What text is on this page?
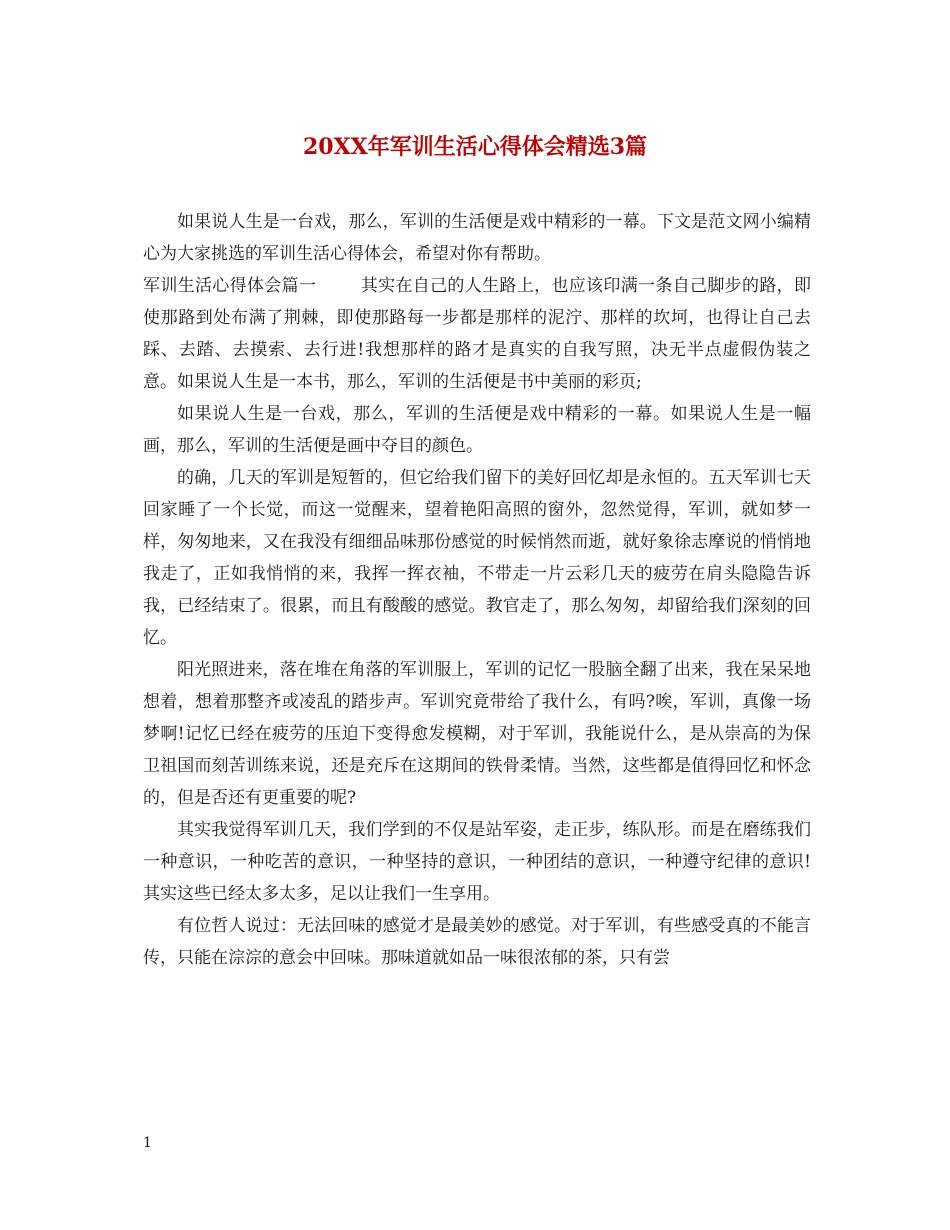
20XX年军训生活心得体会精选3篇

如果说人生是一台戏，那么，军训的生活便是戏中精彩的一幕。下文是范文网小编精心为大家挑选的军训生活心得体会，希望对你有帮助。

军训生活心得体会篇一	其实在自己的人生路上，也应该印满一条自己脚步的路，即使那路到处布满了荆棘，即使那路每一步都是那样的泥泞、那样的坎坷，也得让自己去踩、去踏、去摸索、去行进!我想那样的路才是真实的自我写照，决无半点虚假伪装之意。如果说人生是一本书，那么，军训的生活便是书中美丽的彩页;

如果说人生是一台戏，那么，军训的生活便是戏中精彩的一幕。如果说人生是一幅画，那么，军训的生活便是画中夺目的颜色。

的确，几天的军训是短暂的，但它给我们留下的美好回忆却是永恒的。五天军训七天回家睡了一个长觉，而这一觉醒来，望着艳阳高照的窗外，忽然觉得，军训，就如梦一样，匆匆地来，又在我没有细细品味那份感觉的时候悄然而逝，就好象徐志摩说的悄悄地我走了，正如我悄悄的来，我挥一挥衣袖，不带走一片云彩几天的疲劳在肩头隐隐告诉我，已经结束了。很累，而且有酸酸的感觉。教官走了，那么匆匆，却留给我们深刻的回忆。

阳光照进来，落在堆在角落的军训服上，军训的记忆一股脑全翻了出来，我在呆呆地想着，想着那整齐或凌乱的踏步声。军训究竟带给了我什么，有吗?唉，军训，真像一场梦啊!记忆已经在疲劳的压迫下变得愈发模糊，对于军训，我能说什么，是从崇高的为保卫祖国而刻苦训练来说，还是充斥在这期间的铁骨柔情。当然，这些都是值得回忆和怀念的，但是否还有更重要的呢?

其实我觉得军训几天，我们学到的不仅是站军姿，走正步，练队形。而是在磨练我们一种意识，一种吃苦的意识，一种坚持的意识，一种团结的意识，一种遵守纪律的意识!其实这些已经太多太多，足以让我们一生享用。

有位哲人说过：无法回味的感觉才是最美妙的感觉。对于军训，有些感受真的不能言传，只能在淙淙的意会中回味。那味道就如品一味很浓郁的茶，只有尝

1
